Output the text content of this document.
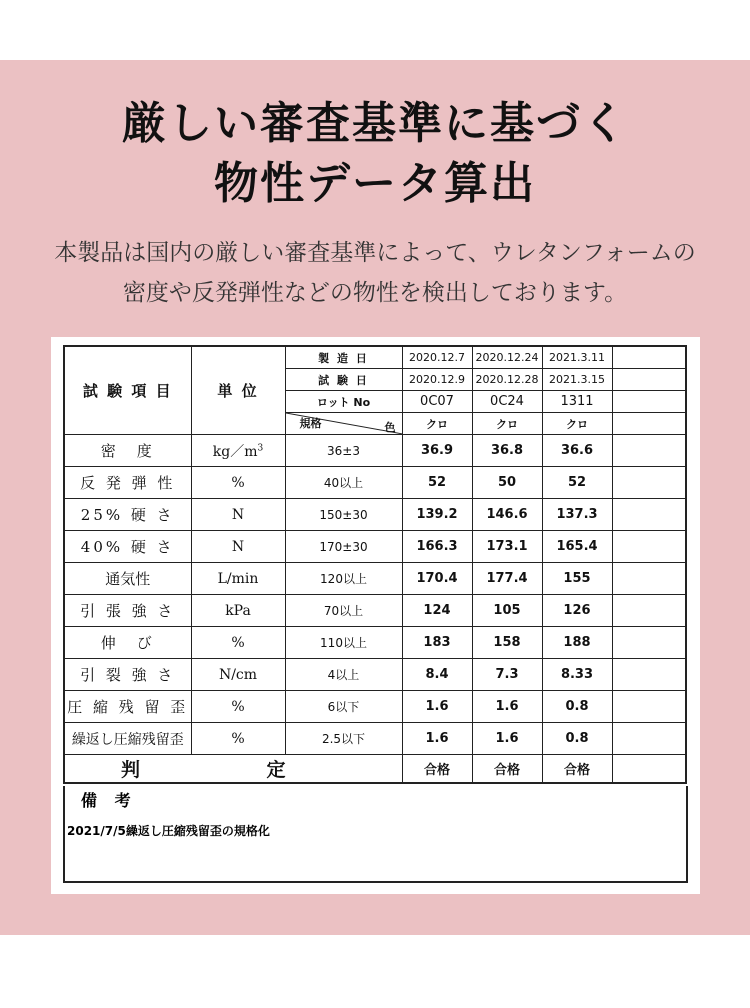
厳しい審査基準に基づく
物性データ算出
本製品は国内の厳しい審査基準によって、ウレタンフォームの
密度や反発弾性などの物性を検出しております。
試 験 項 目	単 位	製 造 日	2020.12.7	2020.12.24	2021.3.11	
		試 験 日	2020.12.9	2020.12.28	2021.3.15	
		ロット No	0C07	0C24	1311	

		規格 色	クロ	クロ	クロ	
密　度	$kg/m^3$	36±3	36.9	36.8	36.6	
反 発 弾 性	%	40以上	52	50	52	
25% 硬 さ	N	150±30	139.2	146.6	137.3	
40% 硬 さ	N	170±30	166.3	173.1	165.4	
通気性	L/min	120以上	170.4	177.4	155	
引 張 強 さ	kPa	70以上	124	105	126	
伸　び	%	110以上	183	158	188	
引 裂 強 さ	N/cm	4以上	8.4	7.3	8.33	
圧 縮 残 留 歪	%	6以下	1.6	1.6	0.8	
繰返し圧縮残留歪	%	2.5以下	1.6	1.6	0.8	
判 定			合格	合格	合格	
備 考
2021/7/5繰返し圧縮残留歪の規格化
